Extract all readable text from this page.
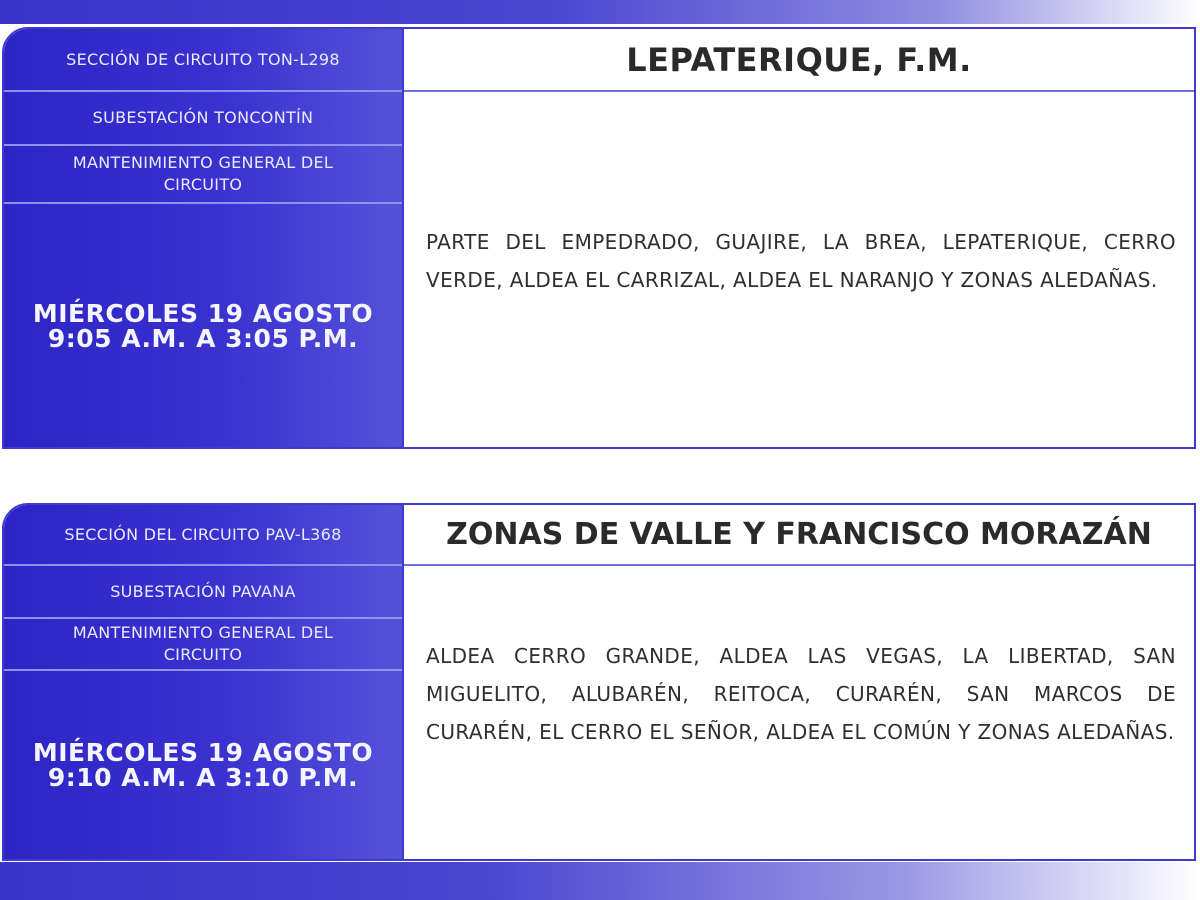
SECCIÓN DE CIRCUITO TON-L298
SUBESTACIÓN TONCONTÍN
MANTENIMIENTO GENERAL DEL
CIRCUITO
MIÉRCOLES 19 AGOSTO
9:05 A.M. A 3:05 P.M.
LEPATERIQUE, F.M.
PARTE DEL EMPEDRADO, GUAJIRE, LA BREA, LEPATERIQUE, CERRO VERDE, ALDEA EL CARRIZAL, ALDEA EL NARANJO Y ZONAS ALEDAÑAS.
SECCIÓN DEL CIRCUITO PAV-L368
SUBESTACIÓN PAVANA
MANTENIMIENTO GENERAL DEL
CIRCUITO
MIÉRCOLES 19 AGOSTO
9:10 A.M. A 3:10 P.M.
ZONAS DE VALLE Y FRANCISCO MORAZÁN
ALDEA CERRO GRANDE, ALDEA LAS VEGAS, LA LIBERTAD, SAN MIGUELITO, ALUBARÉN, REITOCA, CURARÉN, SAN MARCOS DE CURARÉN, EL CERRO EL SEÑOR, ALDEA EL COMÚN Y ZONAS ALEDAÑAS.
